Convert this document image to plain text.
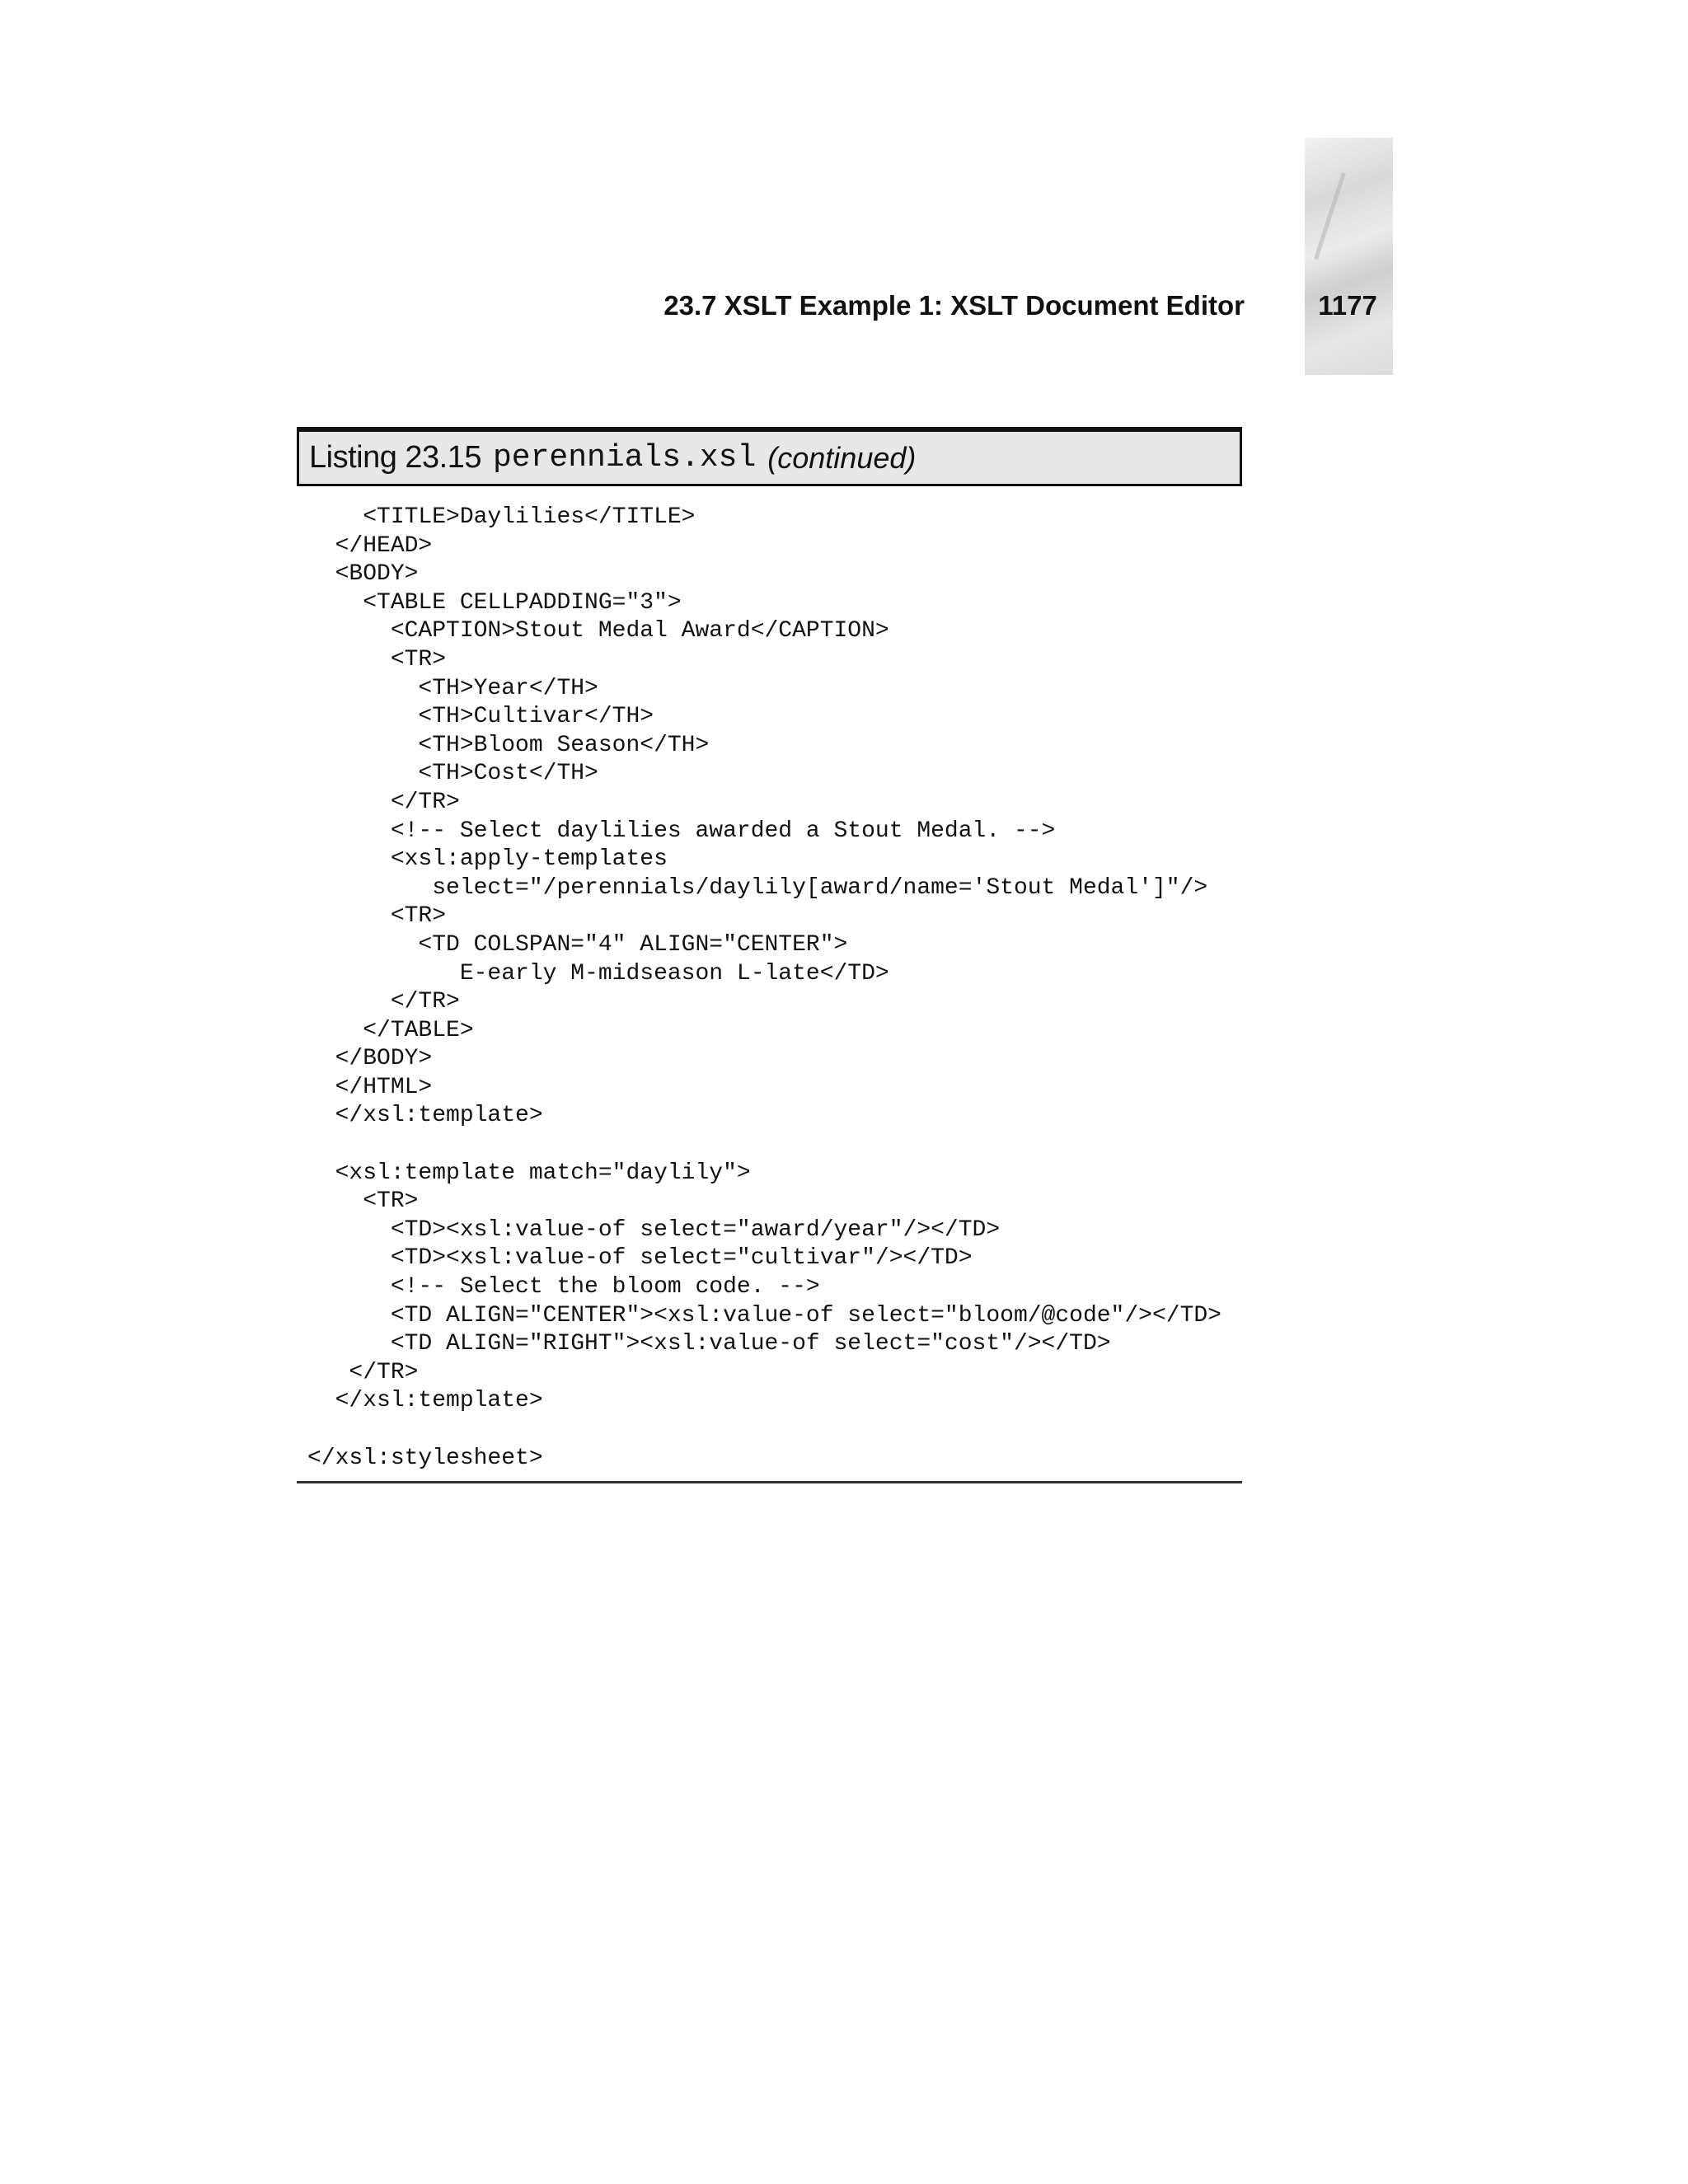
23.7 XSLT Example 1: XSLT Document Editor	1177
Listing 23.15 perennials.xsl (continued)
<TITLE>Daylilies</TITLE>
</HEAD>
<BODY>
<TABLE CELLPADDING="3">
<CAPTION>Stout Medal Award</CAPTION>
<TR>
<TH>Year</TH>
<TH>Cultivar</TH>
<TH>Bloom Season</TH>
<TH>Cost</TH>
</TR>
<!-- Select daylilies awarded a Stout Medal. -->
<xsl:apply-templates
select="/perennials/daylily[award/name='Stout Medal']"/>
<TR>
<TD COLSPAN="4" ALIGN="CENTER">
E-early M-midseason L-late</TD>
</TR>
</TABLE>
</BODY>
</HTML>
</xsl:template>
<xsl:template match="daylily">
<TR>
<TD><xsl:value-of select="award/year"/></TD>
<TD><xsl:value-of select="cultivar"/></TD>
<!-- Select the bloom code. -->
<TD ALIGN="CENTER"><xsl:value-of select="bloom/@code"/></TD>
<TD ALIGN="RIGHT"><xsl:value-of select="cost"/></TD>
</TR>
</xsl:template>
</xsl:stylesheet>
